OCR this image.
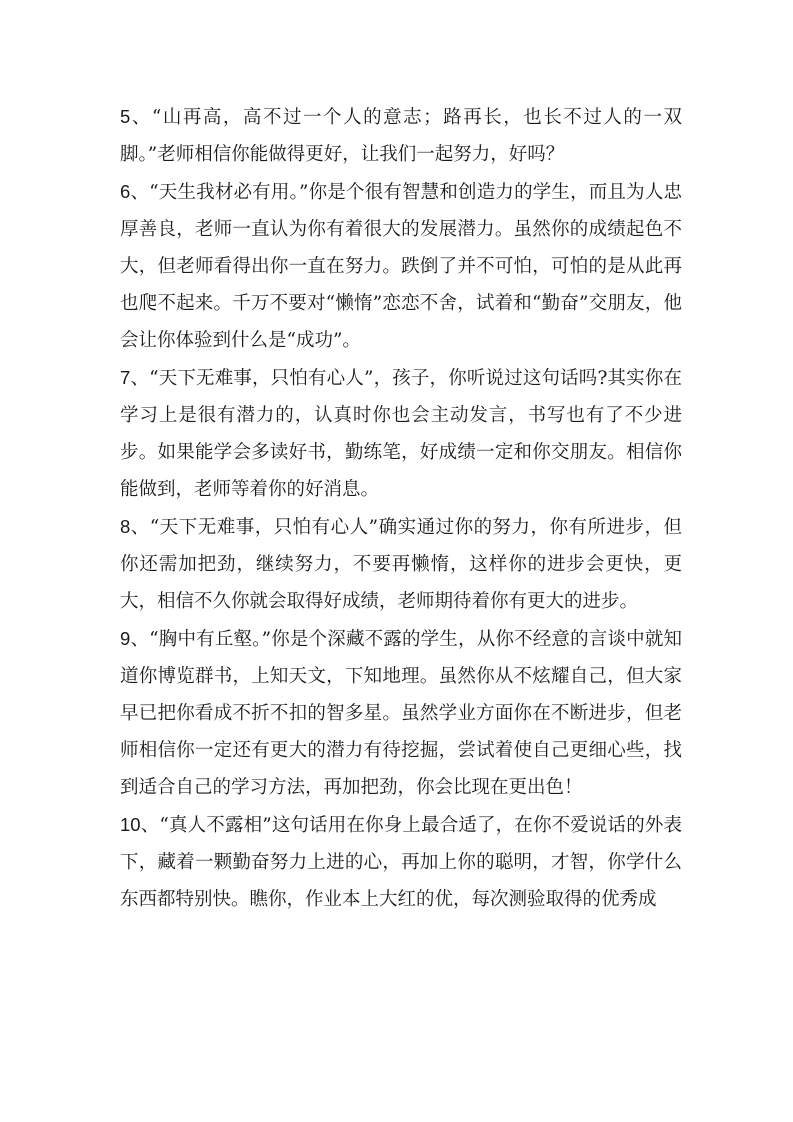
5、“山再高，高不过一个人的意志；路再长，也长不过人的一双脚。”老师相信你能做得更好，让我们一起努力，好吗？

6、“天生我材必有用。”你是个很有智慧和创造力的学生，而且为人忠厚善良，老师一直认为你有着很大的发展潜力。虽然你的成绩起色不大，但老师看得出你一直在努力。跌倒了并不可怕，可怕的是从此再也爬不起来。千万不要对“懒惰”恋恋不舍，试着和“勤奋”交朋友，他会让你体验到什么是“成功”。

7、“天下无难事，只怕有心人”，孩子，你听说过这句话吗?其实你在学习上是很有潜力的，认真时你也会主动发言，书写也有了不少进步。如果能学会多读好书，勤练笔，好成绩一定和你交朋友。相信你能做到，老师等着你的好消息。

8、“天下无难事，只怕有心人”确实通过你的努力，你有所进步，但你还需加把劲，继续努力，不要再懒惰，这样你的进步会更快，更大，相信不久你就会取得好成绩，老师期待着你有更大的进步。

9、“胸中有丘壑。”你是个深藏不露的学生，从你不经意的言谈中就知道你博览群书，上知天文，下知地理。虽然你从不炫耀自己，但大家早已把你看成不折不扣的智多星。虽然学业方面你在不断进步，但老师相信你一定还有更大的潜力有待挖掘，尝试着使自己更细心些，找到适合自己的学习方法，再加把劲，你会比现在更出色！

10、“真人不露相”这句话用在你身上最合适了，在你不爱说话的外表下，藏着一颗勤奋努力上进的心，再加上你的聪明，才智，你学什么东西都特别快。瞧你，作业本上大红的优，每次测验取得的优秀成
